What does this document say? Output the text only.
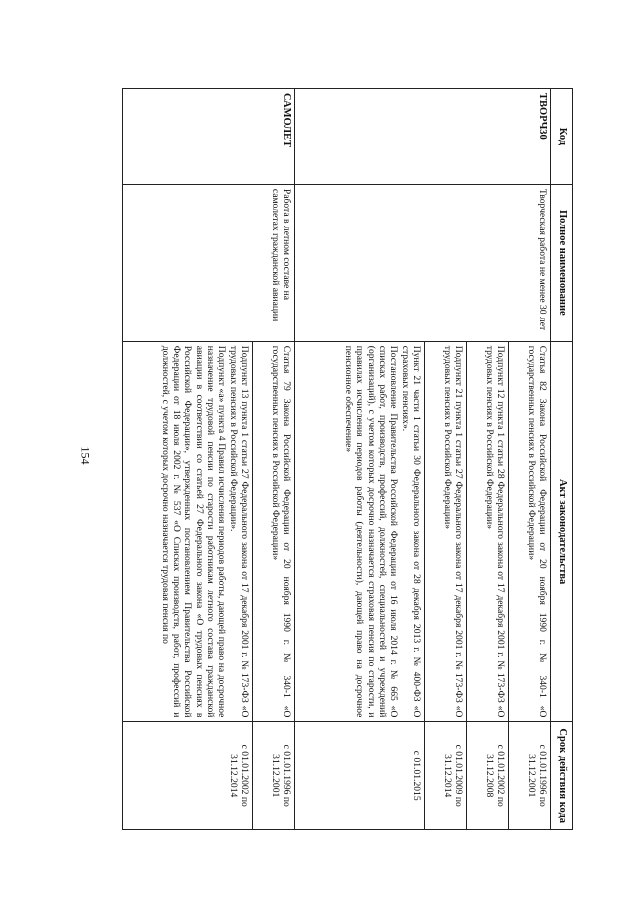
154
Код	Полное наименование	Акт законодательства	Срок действия кода
ТВОРЧ30	Творческая работа не менее 30 лет	Статья 82 Закона Российской Федерации от 20 ноября 1990 г. № 340-1 «О государственных пенсиях в Российской Федерации»	с 01.01.1996 по 31.12.2001

		Подпункт 12 пункта 1 статьи 28 Федерального закона от 17 декабря 2001 г. № 173-ФЗ «О трудовых пенсиях в Российской Федерации»	с 01.01.2002 по 31.12.2008

		Подпункт 21 пункта 1 статьи 27 Федерального закона от 17 декабря 2001 г. № 173-ФЗ «О трудовых пенсиях в Российской Федерации»	с 01.01.2009 по 31.12.2014

		Пункт 21 части 1 статьи 30 Федерального закона от 28 декабря 2013 г. № 400-ФЗ «О страховых пенсиях».

Постановление Правительства Российской Федерации от 16 июля 2014 г. № 665 «О списках работ, производств, профессий, должностей, специальностей и учреждений (организаций), с учетом которых досрочно назначается страховая пенсия по старости, и правилах исчисления периодов работы (деятельности), дающей право на досрочное пенсионное обеспечение»	с 01.01.2015
САМОЛЕТ	Работа в летном составе на самолетах гражданской авиации	Статья 79 Закона Российской Федерации от 20 ноября 1990 г. № 340-1 «О государственных пенсиях в Российской Федерации»	с 01.01.1996 по 31.12.2001

		Подпункт 13 пункта 1 статьи 27 Федерального закона от 17 декабря 2001 г. № 173-ФЗ «О трудовых пенсиях в Российской Федерации».

Подпункт «а» пункта 4 Правил исчисления периодов работы, дающей право на досрочное назначение трудовой пенсии по старости работникам летного состава гражданской авиации в соответствии со статьей 27 Федерального закона «О трудовых пенсиях в Российской Федерации», утвержденных постановлением Правительства Российской Федерации от 18 июля 2002 г. № 537 «О Списках производств, работ, профессий и должностей, с учетом которых досрочно назначается трудовая пенсия по	с 01.01.2002 по 31.12.2014
